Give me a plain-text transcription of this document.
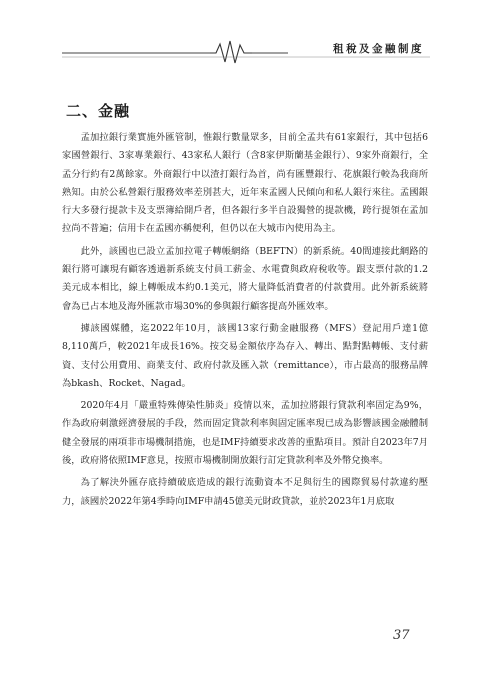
租稅及金融制度
二、金融

孟加拉銀行業實施外匯管制，惟銀行數量眾多，目前全孟共有61家銀行，其中包括6家國營銀行、3家專業銀行、43家私人銀行（含8家伊斯蘭基金銀行）、9家外商銀行，全孟分行約有2萬餘家。外商銀行中以渣打銀行為首，尚有匯豐銀行、花旗銀行較為我商所熟知。由於公私營銀行服務效率差別甚大，近年來孟國人民傾向和私人銀行來往。孟國銀行大多發行提款卡及支票簿給開戶者，但各銀行多半自設獨營的提款機，跨行提領在孟加拉尚不普遍；信用卡在孟國亦稱便利，但仍以在大城市內使用為主。

此外，該國也已設立孟加拉電子轉帳網絡（BEFTN）的新系統。40間連接此網路的銀行將可讓現有顧客透過新系統支付員工薪金、水電費與政府稅收等。跟支票付款的1.2美元成本相比，線上轉帳成本約0.1美元，將大量降低消費者的付款費用。此外新系統將會為已占本地及海外匯款市場30%的參與銀行顧客提高外匯效率。

據該國媒體，迄2022年10月，該國13家行動金融服務（MFS）登記用戶達1億8,110萬戶，較2021年成長16%。按交易金額依序為存入、轉出、點對點轉帳、支付薪資、支付公用費用、商業支付、政府付款及匯入款（remittance），市占最高的服務品牌為bkash、Rocket、Nagad。

2020年4月「嚴重特殊傳染性肺炎」疫情以來，孟加拉將銀行貸款利率固定為9%，作為政府刺激經濟發展的手段，然而固定貸款利率與固定匯率現已成為影響該國金融體制健全發展的兩項非市場機制措施，也是IMF持續要求改善的重點項目。預計自2023年7月後，政府將依照IMF意見，按照市場機制開放銀行訂定貸款利率及外幣兌換率。

為了解決外匯存底持續破底造成的銀行流動資本不足與衍生的國際貿易付款違約壓力，該國於2022年第4季時向IMF申請45億美元財政貸款，並於2023年1月底取

37
